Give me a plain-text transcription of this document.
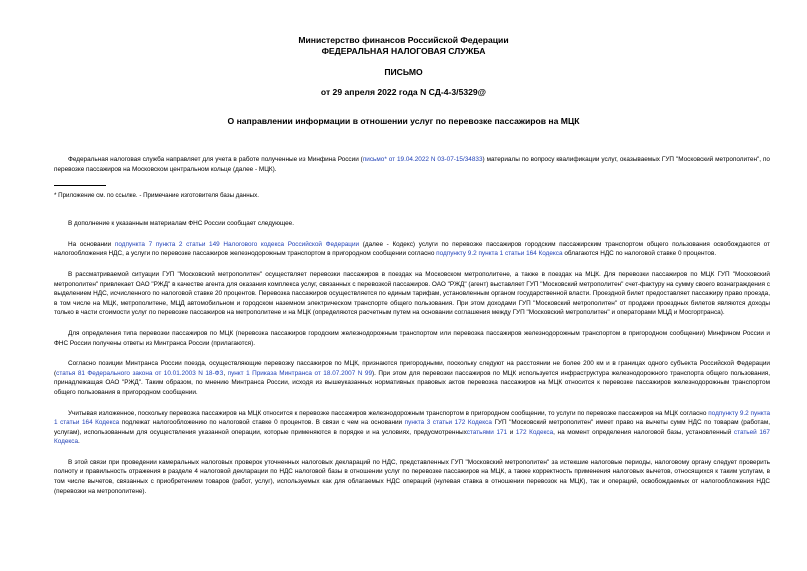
Министерство финансов Российской Федерации
ФЕДЕРАЛЬНАЯ НАЛОГОВАЯ СЛУЖБА
ПИСЬМО
от 29 апреля 2022 года N СД-4-3/5329@
О направлении информации в отношении услуг по перевозке пассажиров на МЦК

Федеральная налоговая служба направляет для учета в работе полученные из Минфина России (письмо* от 19.04.2022 N 03-07-15/34833) материалы по вопросу квалификации услуг, оказываемых ГУП "Московский метрополитен", по перевозке пассажиров на Московском центральном кольце (далее - МЦК).

* Приложение см. по ссылке. - Примечание изготовителя базы данных.

В дополнение к указанным материалам ФНС России сообщает следующее.

На основании подпункта 7 пункта 2 статьи 149 Налогового кодекса Российской Федерации (далее - Кодекс) услуги по перевозке пассажиров городским пассажирским транспортом общего пользования освобождаются от налогообложения НДС, а услуги по перевозке пассажиров железнодорожным транспортом в пригородном сообщении согласно подпункту 9.2 пункта 1 статьи 164 Кодекса облагаются НДС по налоговой ставке 0 процентов.

В рассматриваемой ситуации ГУП "Московский метрополитен" осуществляет перевозки пассажиров в поездах на Московском метрополитене, а также в поездах на МЦК. Для перевозки пассажиров по МЦК ГУП "Московский метрополитен" привлекает ОАО "РЖД" в качестве агента для оказания комплекса услуг, связанных с перевозкой пассажиров. ОАО "РЖД" (агент) выставляет ГУП "Московский метрополитен" счет-фактуру на сумму своего вознаграждения с выделением НДС, исчисленного по налоговой ставке 20 процентов. Перевозка пассажиров осуществляется по единым тарифам, установленным органом государственной власти. Проездной билет предоставляет пассажиру право проезда, в том числе на МЦК, метрополитене, МЦД автомобильном и городском наземном электрическом транспорте общего пользования. При этом доходами ГУП "Московский метрополитен" от продажи проездных билетов являются доходы только в части стоимости услуг по перевозке пассажиров на метрополитене и на МЦК (определяются расчетным путем на основании соглашения между ГУП "Московский метрополитен" и операторами МЦД и Мосгортранса).

Для определения типа перевозки пассажиров по МЦК (перевозка пассажиров городским железнодорожным транспортом или перевозка пассажиров железнодорожным транспортом в пригородном сообщении) Минфином России и ФНС России получены ответы из Минтранса России (прилагаются).

Согласно позиции Минтранса России поезда, осуществляющие перевозку пассажиров по МЦК, признаются пригородными, поскольку следуют на расстоянии не более 200 км и в границах одного субъекта Российской Федерации (статья 81 Федерального закона от 10.01.2003 N 18-ФЗ, пункт 1 Приказа Минтранса от 18.07.2007 N 99). При этом для перевозки пассажиров по МЦК используется инфраструктура железнодорожного транспорта общего пользования, принадлежащая ОАО "РЖД". Таким образом, по мнению Минтранса России, исходя из вышеуказанных нормативных правовых актов перевозка пассажиров на МЦК относится к перевозке пассажиров железнодорожным транспортом общего пользования в пригородном сообщении.

Учитывая изложенное, поскольку перевозка пассажиров на МЦК относится к перевозке пассажиров железнодорожным транспортом в пригородном сообщении, то услуги по перевозке пассажиров на МЦК согласно подпункту 9.2 пункта 1 статьи 164 Кодекса подлежат налогообложению по налоговой ставке 0 процентов. В связи с чем на основании пункта 3 статьи 172 Кодекса ГУП "Московский метрополитен" имеет право на вычеты сумм НДС по товарам (работам, услугам), использованным для осуществления указанной операции, которые применяются в порядке и на условиях, предусмотренныхстатьями 171 и 172 Кодекса, на момент определения налоговой базы, установленный статьей 167 Кодекса.

В этой связи при проведении камеральных налоговых проверок уточненных налоговых деклараций по НДС, представленных ГУП "Московский метрополитен" за истекшие налоговые периоды, налоговому органу следует проверить полноту и правильность отражения в разделе 4 налоговой декларации по НДС налоговой базы в отношении услуг по перевозке пассажиров на МЦК, а также корректность применения налоговых вычетов, относящихся к таким услугам, в том числе вычетов, связанных с приобретением товаров (работ, услуг), используемых как для облагаемых НДС операций (нулевая ставка в отношении перевозок на МЦК), так и операций, освобождаемых от налогообложения НДС (перевозки на метрополитене).
